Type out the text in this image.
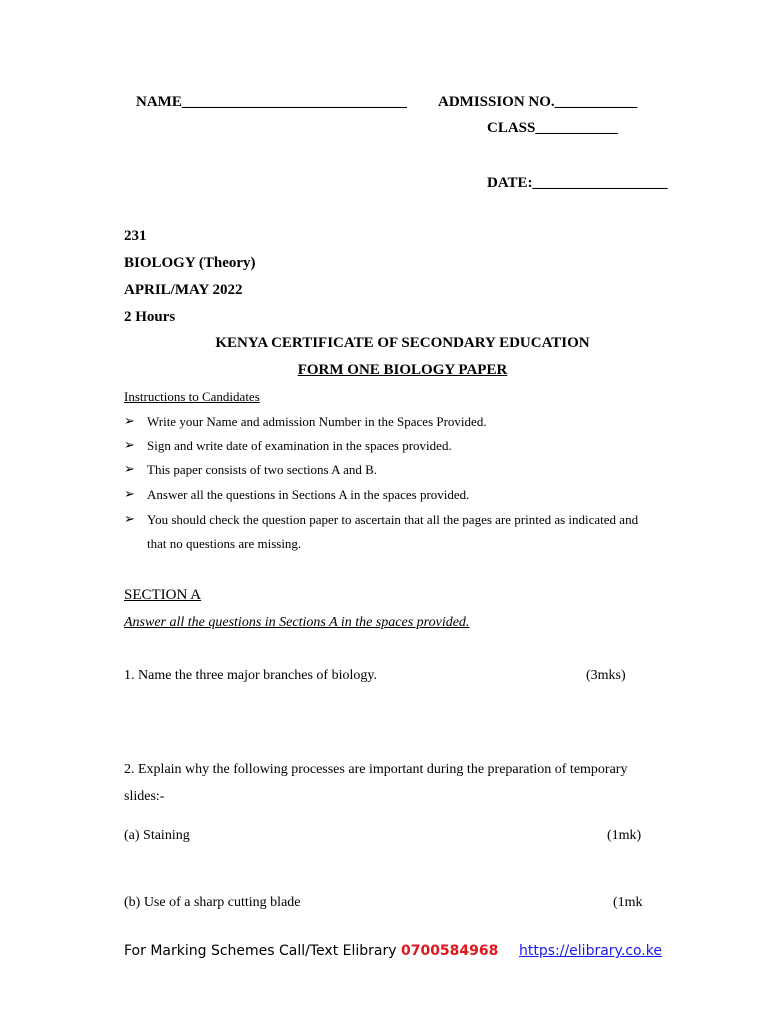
NAME______________________________ ADMISSION NO.___________
CLASS___________
DATE:__________________
231
BIOLOGY (Theory)
APRIL/MAY 2022
2 Hours
KENYA CERTIFICATE OF SECONDARY EDUCATION
FORM ONE BIOLOGY PAPER
Instructions to Candidates
➢ Write your Name and admission Number in the Spaces Provided.
➢ Sign and write date of examination in the spaces provided.
➢ This paper consists of two sections A and B.
➢ Answer all the questions in Sections A in the spaces provided.
➢ You should check the question paper to ascertain that all the pages are printed as indicated and
that no questions are missing.
SECTION A
Answer all the questions in Sections A in the spaces provided.
1. Name the three major branches of biology.	(3mks)
2. Explain why the following processes are important during the preparation of temporary
slides:-
(a) Staining	(1mk)
(b) Use of a sharp cutting blade	(1mk
For Marking Schemes Call/Text Elibrary 0700584968 https://elibrary.co.ke
